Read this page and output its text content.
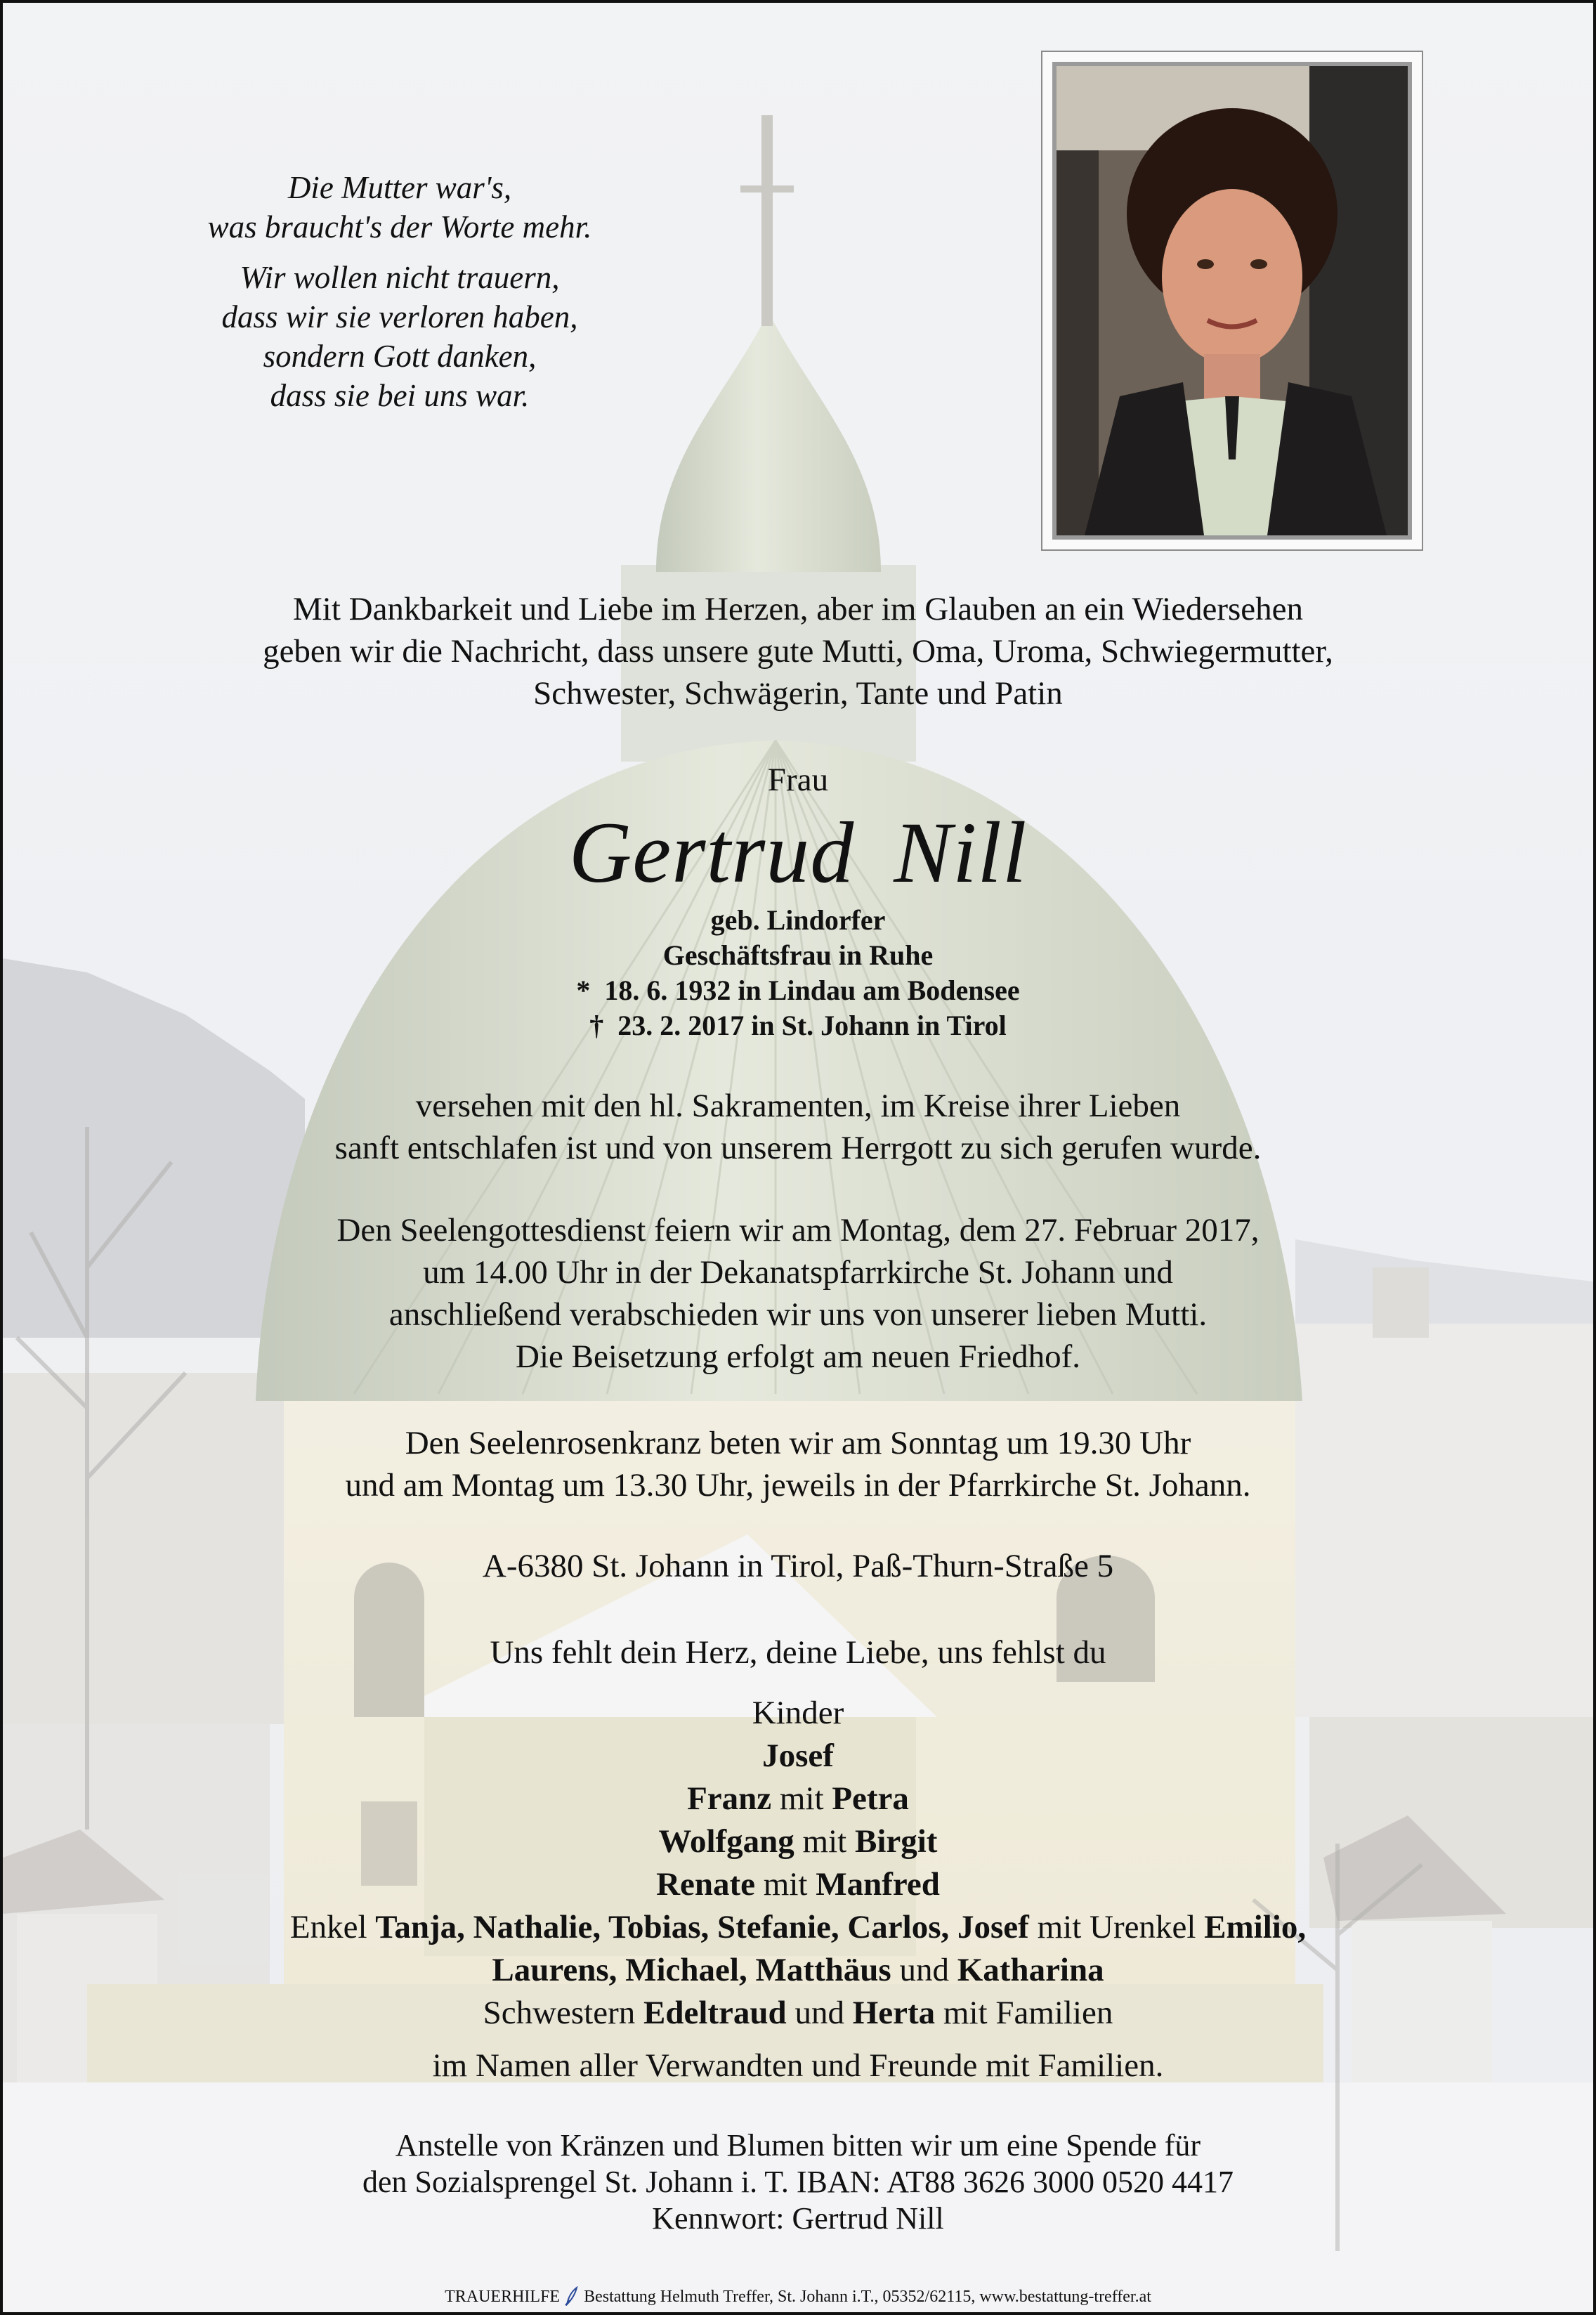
Die Mutter war's,
was braucht's der Worte mehr.
Wir wollen nicht trauern,
dass wir sie verloren haben,
sondern Gott danken,
dass sie bei uns war.
Mit Dankbarkeit und Liebe im Herzen, aber im Glauben an ein Wiedersehen
geben wir die Nachricht, dass unsere gute Mutti, Oma, Uroma, Schwiegermutter,
Schwester, Schwägerin, Tante und Patin
Frau
Gertrud Nill
geb. Lindorfer
Geschäftsfrau in Ruhe
*  18. 6. 1932 in Lindau am Bodensee
†  23. 2. 2017 in St. Johann in Tirol
versehen mit den hl. Sakramenten, im Kreise ihrer Lieben
sanft entschlafen ist und von unserem Herrgott zu sich gerufen wurde.
Den Seelengottesdienst feiern wir am Montag, dem 27. Februar 2017,
um 14.00 Uhr in der Dekanatspfarrkirche St. Johann und
anschließend verabschieden wir uns von unserer lieben Mutti.
Die Beisetzung erfolgt am neuen Friedhof.
Den Seelenrosenkranz beten wir am Sonntag um 19.30 Uhr
und am Montag um 13.30 Uhr, jeweils in der Pfarrkirche St. Johann.
A-6380 St. Johann in Tirol, Paß-Thurn-Straße 5
Uns fehlt dein Herz, deine Liebe, uns fehlst du
Kinder
Josef
Franz mit Petra
Wolfgang mit Birgit
Renate mit Manfred
Enkel Tanja, Nathalie, Tobias, Stefanie, Carlos, Josef mit Urenkel Emilio,
Laurens, Michael, Matthäus und Katharina
Schwestern Edeltraud und Herta mit Familien
im Namen aller Verwandten und Freunde mit Familien.
Anstelle von Kränzen und Blumen bitten wir um eine Spende für
den Sozialsprengel St. Johann i. T. IBAN: AT88 3626 3000 0520 4417
Kennwort: Gertrud Nill
TRAUERHILFE Bestattung Helmuth Treffer, St. Johann i.T., 05352/62115, www.bestattung-treffer.at
